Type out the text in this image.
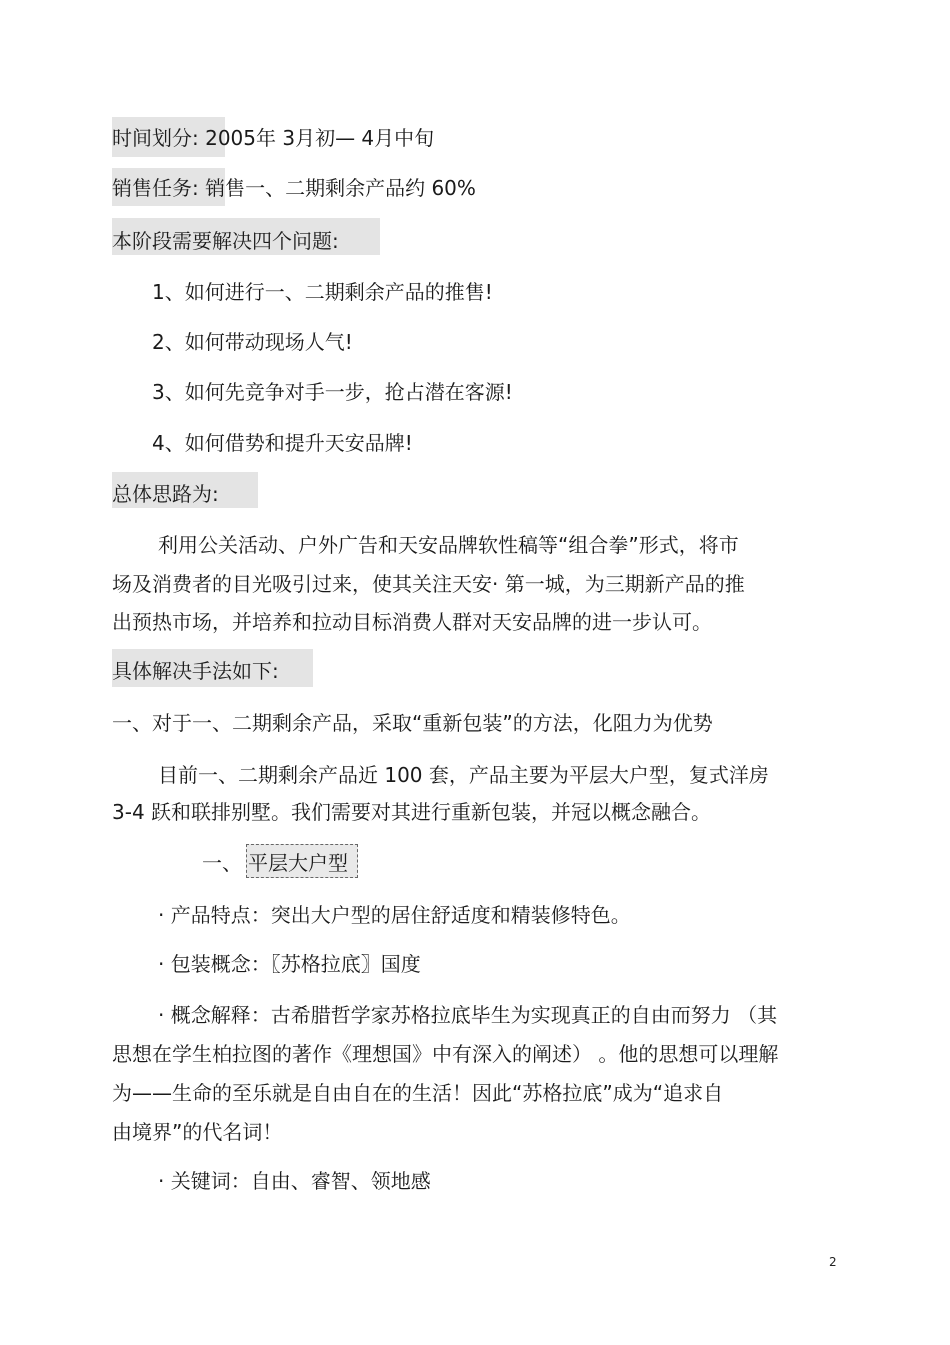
时间划分: 2005年 3月初— 4月中旬
销售任务: 销售一、二期剩余产品约 60%
本阶段需要解决四个问题:
1、如何进行一、二期剩余产品的推售!
2、如何带动现场人气!
3、如何先竞争对手一步，抢占潜在客源!
4、如何借势和提升天安品牌!
总体思路为:
利用公关活动、户外广告和天安品牌软性稿等“组合拳”形式，将市
场及消费者的目光吸引过来，使其关注天安· 第一城，为三期新产品的推
出预热市场，并培养和拉动目标消费人群对天安品牌的进一步认可。
具体解决手法如下:
一、对于一、二期剩余产品，采取“重新包装”的方法，化阻力为优势
目前一、二期剩余产品近 100 套，产品主要为平层大户型，复式洋房
3-4 跃和联排别墅。我们需要对其进行重新包装，并冠以概念融合。
一、 平层大户型
· 产品特点：突出大户型的居住舒适度和精装修特色。
· 包装概念：〖苏格拉底〗国度
· 概念解释：古希腊哲学家苏格拉底毕生为实现真正的自由而努力 （其
思想在学生柏拉图的著作《理想国》中有深入的阐述） 。他的思想可以理解
为——生命的至乐就是自由自在的生活！因此“苏格拉底”成为“追求自
由境界”的代名词！
· 关键词：自由、睿智、领地感
2
